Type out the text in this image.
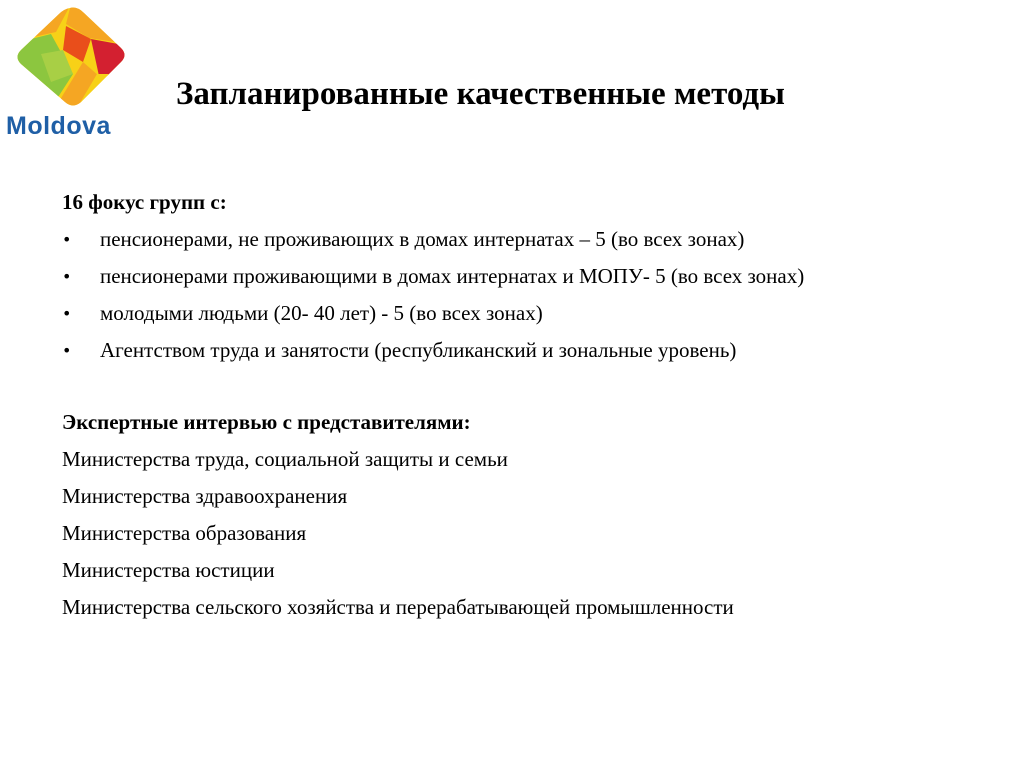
Moldova
Запланированные качественные методы
16 фокус групп с:
• пенсионерами, не проживающих в домах интернатах – 5 (во всех зонах)
• пенсионерами проживающими в домах интернатах и МОПУ- 5 (во всех зонах)
• молодыми людьми (20- 40 лет) - 5 (во всех зонах)
• Агентством труда и занятости (республиканский и зональные уровень)
Экспертные интервью с представителями:
Министерства труда, социальной защиты и семьи
Министерства здравоохранения
Министерства образования
Министерства юстиции
Министерства сельского хозяйства и перерабатывающей промышленности
